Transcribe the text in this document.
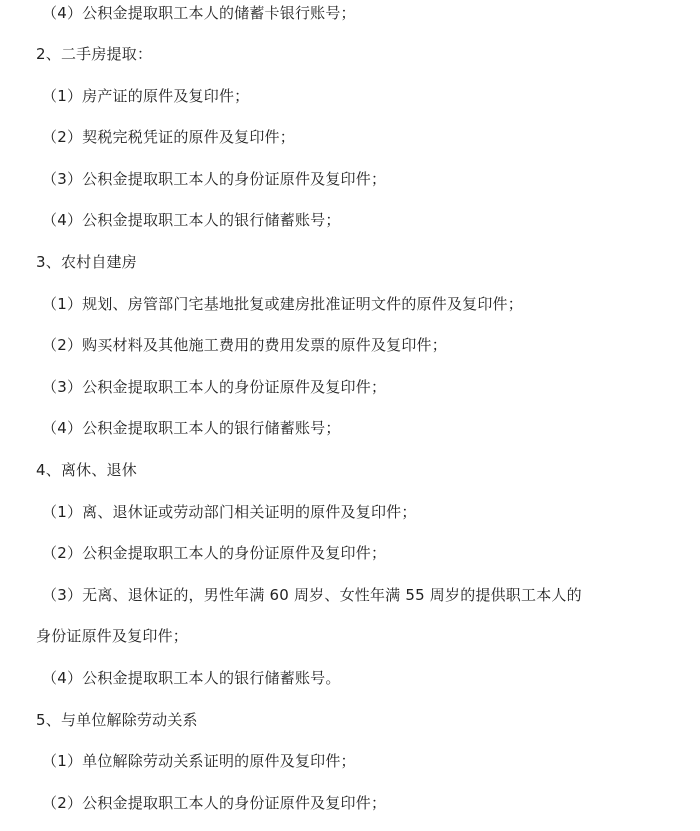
（4）公积金提取职工本人的储蓄卡银行账号；
2、二手房提取：
（1）房产证的原件及复印件；
（2）契税完税凭证的原件及复印件；
（3）公积金提取职工本人的身份证原件及复印件；
（4）公积金提取职工本人的银行储蓄账号；
3、农村自建房
（1）规划、房管部门宅基地批复或建房批准证明文件的原件及复印件；
（2）购买材料及其他施工费用的费用发票的原件及复印件；
（3）公积金提取职工本人的身份证原件及复印件；
（4）公积金提取职工本人的银行储蓄账号；
4、离休、退休
（1）离、退休证或劳动部门相关证明的原件及复印件；
（2）公积金提取职工本人的身份证原件及复印件；
（3）无离、退休证的，男性年满 60 周岁、女性年满 55 周岁的提供职工本人的
身份证原件及复印件；
（4）公积金提取职工本人的银行储蓄账号。
5、与单位解除劳动关系
（1）单位解除劳动关系证明的原件及复印件；
（2）公积金提取职工本人的身份证原件及复印件；
